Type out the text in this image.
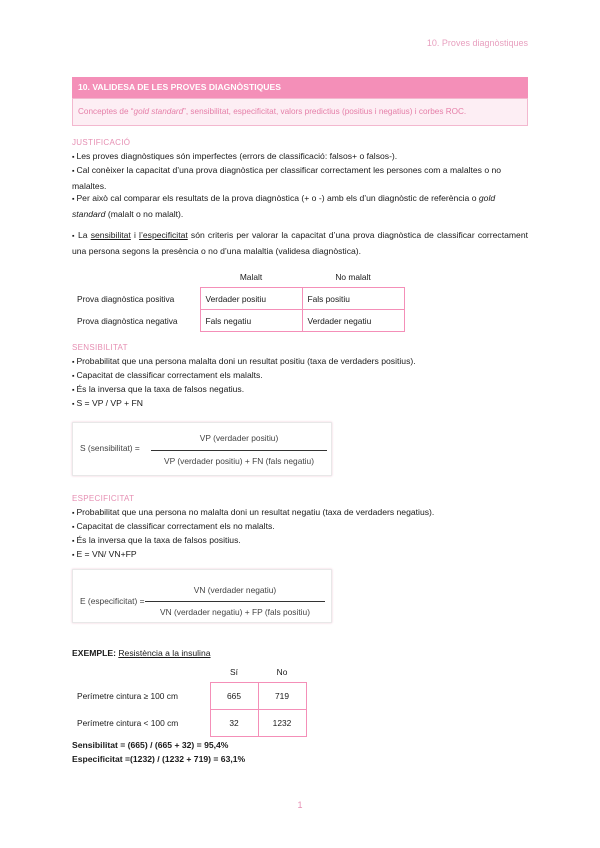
10. Proves diagnòstiques
10. VALIDESA DE LES PROVES DIAGNÒSTIQUES
Conceptes de “gold standard”, sensibilitat, especificitat, valors predictius (positius i negatius) i corbes ROC.
JUSTIFICACIÓ
▪ Les proves diagnòstiques són imperfectes (errors de classificació: falsos+ o falsos-).
▪ Cal conèixer la capacitat d’una prova diagnòstica per classificar correctament les persones com a malaltes o no malaltes.
▪ Per això cal comparar els resultats de la prova diagnòstica (+ o -) amb els d’un diagnòstic de referència o gold standard (malalt o no malalt).
▪ La sensibilitat i l’especificitat són criteris per valorar la capacitat d’una prova diagnòstica de classificar correctament una persona segons la presència o no d’una malaltia (validesa diagnòstica).
	Malalt	No malalt
Prova diagnòstica positiva	Verdader positiu	Fals positiu
Prova diagnòstica negativa	Fals negatiu	Verdader negatiu
SENSIBILITAT
▪ Probabilitat que una persona malalta doni un resultat positiu (taxa de verdaders positius).
▪ Capacitat de classificar correctament els malalts.
▪ És la inversa que la taxa de falsos negatius.
▪ S = VP / VP + FN
S (sensibilitat) =
VP (verdader positiu)
VP (verdader positiu) + FN (fals negatiu)
ESPECIFICITAT
▪ Probabilitat que una persona no malalta doni un resultat negatiu (taxa de verdaders negatius).
▪ Capacitat de classificar correctament els no malalts.
▪ És la inversa que la taxa de falsos positius.
▪ E = VN/ VN+FP
E (especificitat) =
VN (verdader negatiu)
VN (verdader negatiu) + FP (fals positiu)
EXEMPLE: Resistència a la insulina
	Sí	No
Perímetre cintura ≥ 100 cm	665	719
Perímetre cintura < 100 cm	32	1232
Sensibilitat = (665) / (665 + 32) = 95,4%
Especificitat =(1232) / (1232 + 719) = 63,1%
1
